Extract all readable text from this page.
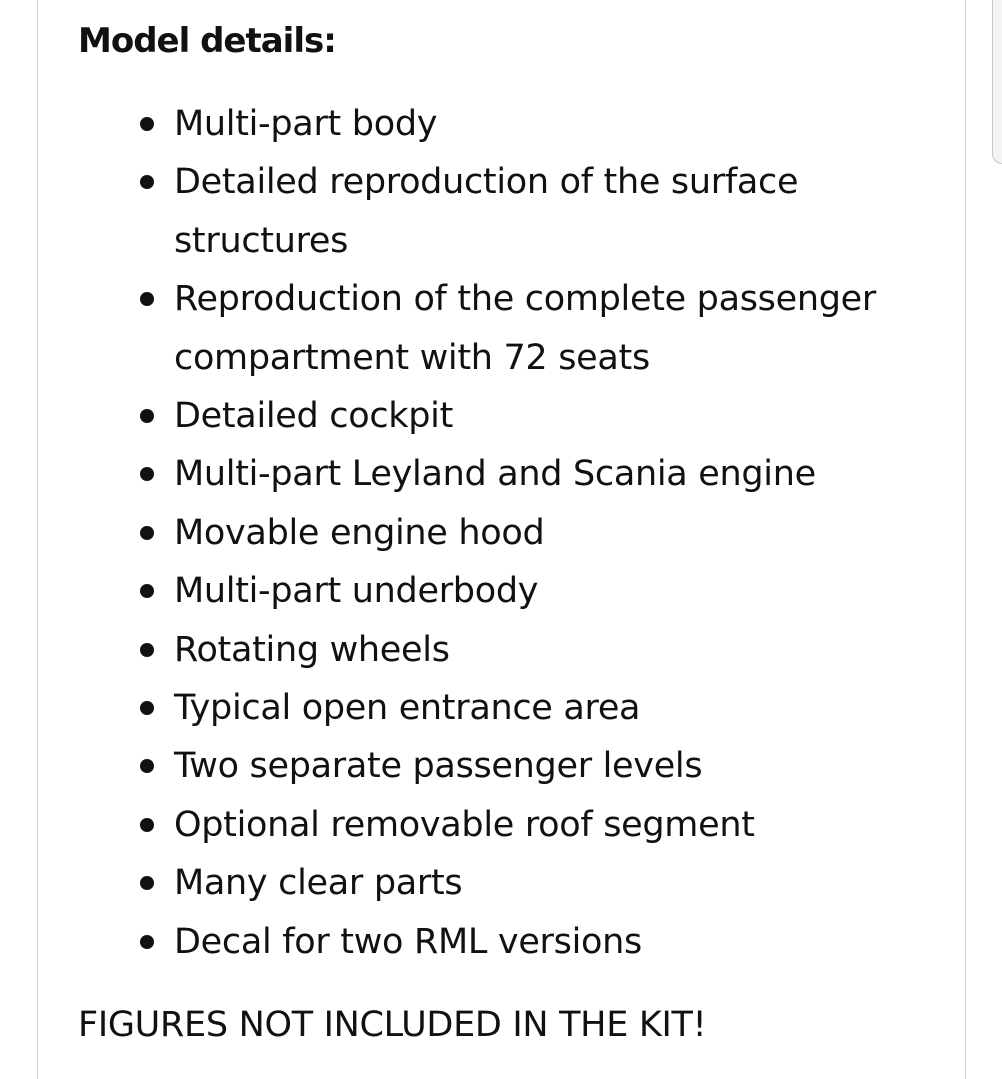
Model details:
Multi-part body
Detailed reproduction of the surface structures
Reproduction of the complete passenger compartment with 72 seats
Detailed cockpit
Multi-part Leyland and Scania engine
Movable engine hood
Multi-part underbody
Rotating wheels
Typical open entrance area
Two separate passenger levels
Optional removable roof segment
Many clear parts
Decal for two RML versions

FIGURES NOT INCLUDED IN THE KIT!
